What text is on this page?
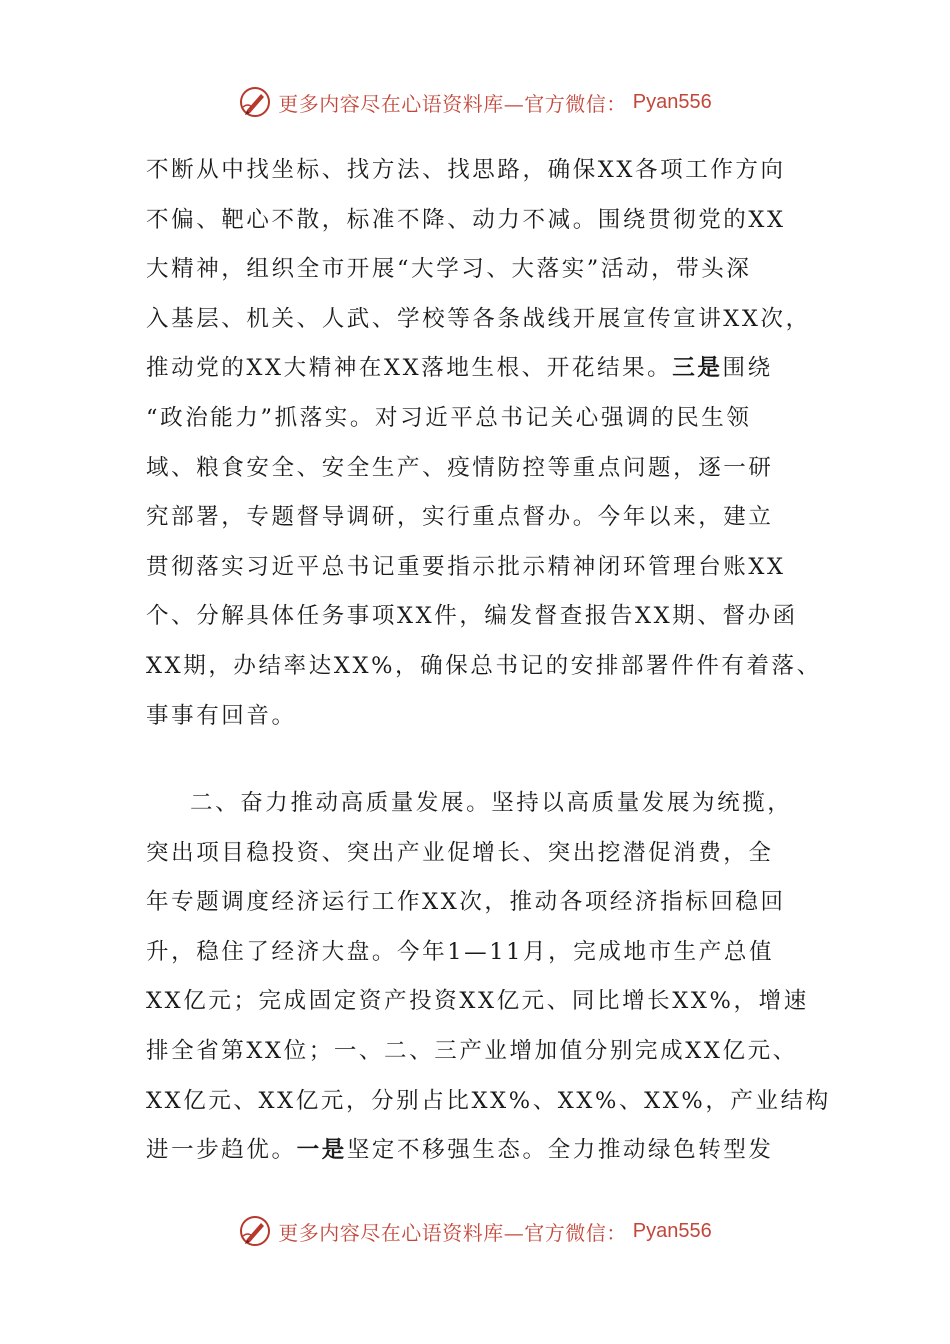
更多内容尽在心语资料库—官方微信： Pyan556
不断从中找坐标、找方法、找思路，确保XX各项工作方向
不偏、靶心不散，标准不降、动力不减。围绕贯彻党的XX
大精神，组织全市开展“大学习、大落实”活动，带头深
入基层、机关、人武、学校等各条战线开展宣传宣讲XX次，
推动党的XX大精神在XX落地生根、开花结果。三是围绕
“政治能力”抓落实。对习近平总书记关心强调的民生领
域、粮食安全、安全生产、疫情防控等重点问题，逐一研
究部署，专题督导调研，实行重点督办。今年以来，建立
贯彻落实习近平总书记重要指示批示精神闭环管理台账XX
个、分解具体任务事项XX件，编发督查报告XX期、督办函
XX期，办结率达XX%，确保总书记的安排部署件件有着落、
事事有回音。
二、奋力推动高质量发展。坚持以高质量发展为统揽，
突出项目稳投资、突出产业促增长、突出挖潜促消费，全
年专题调度经济运行工作XX次，推动各项经济指标回稳回
升，稳住了经济大盘。今年1—11月，完成地市生产总值
XX亿元；完成固定资产投资XX亿元、同比增长XX%，增速
排全省第XX位；一、二、三产业增加值分别完成XX亿元、
XX亿元、XX亿元，分别占比XX%、XX%、XX%，产业结构
进一步趋优。一是坚定不移强生态。全力推动绿色转型发
更多内容尽在心语资料库—官方微信： Pyan556
